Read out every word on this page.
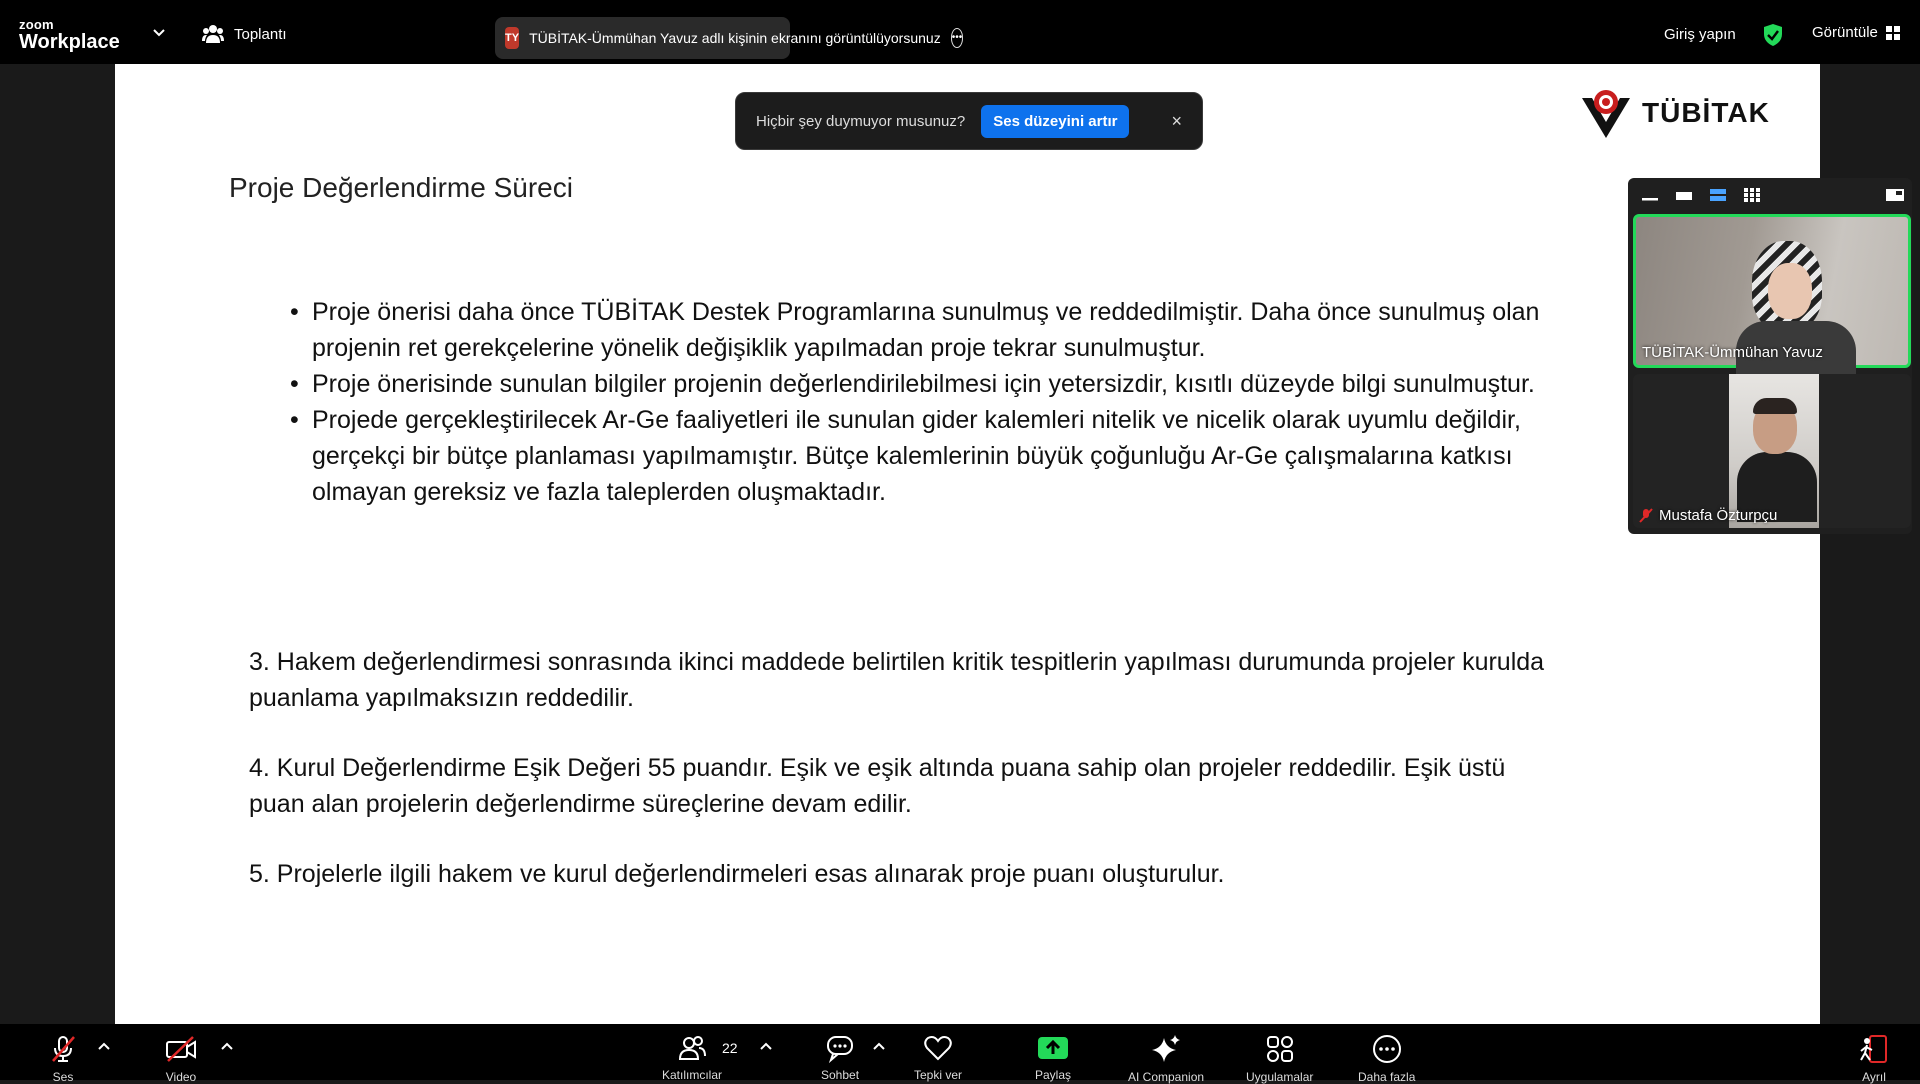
zoom
Workplace	Toplantı	TY TÜBİTAK-Ümmühan Yavuz adlı kişinin ekranını görüntülüyorsunuz •••	Giriş yapın	Görüntüle
TÜBİTAK
Proje Değerlendirme Süreci
• Proje önerisi daha önce TÜBİTAK Destek Programlarına sunulmuş ve reddedilmiştir. Daha önce sunulmuş olan projenin ret gerekçelerine yönelik değişiklik yapılmadan proje tekrar sunulmuştur.
• Proje önerisinde sunulan bilgiler projenin değerlendirilebilmesi için yetersizdir, kısıtlı düzeyde bilgi sunulmuştur.
• Projede gerçekleştirilecek Ar-Ge faaliyetleri ile sunulan gider kalemleri nitelik ve nicelik olarak uyumlu değildir, gerçekçi bir bütçe planlaması yapılmamıştır. Bütçe kalemlerinin büyük çoğunluğu Ar-Ge çalışmalarına katkısı olmayan gereksiz ve fazla taleplerden oluşmaktadır.
3. Hakem değerlendirmesi sonrasında ikinci maddede belirtilen kritik tespitlerin yapılması durumunda projeler kurulda puanlama yapılmaksızın reddedilir.
4. Kurul Değerlendirme Eşik Değeri 55 puandır. Eşik ve eşik altında puana sahip olan projeler reddedilir. Eşik üstü puan alan projelerin değerlendirme süreçlerine devam edilir.
5. Projelerle ilgili hakem ve kurul değerlendirmeleri esas alınarak proje puanı oluşturulur.
Hiçbir şey duymuyor musunuz?	Ses düzeyini artır	×
TÜBİTAK-Ümmühan Yavuz
Mustafa Özturpçu
Ses	Video	Katılımcılar
22
Sohbet	Tepki ver	Paylaş	AI Companion	Uygulamalar	Daha fazla	Ayrıl
